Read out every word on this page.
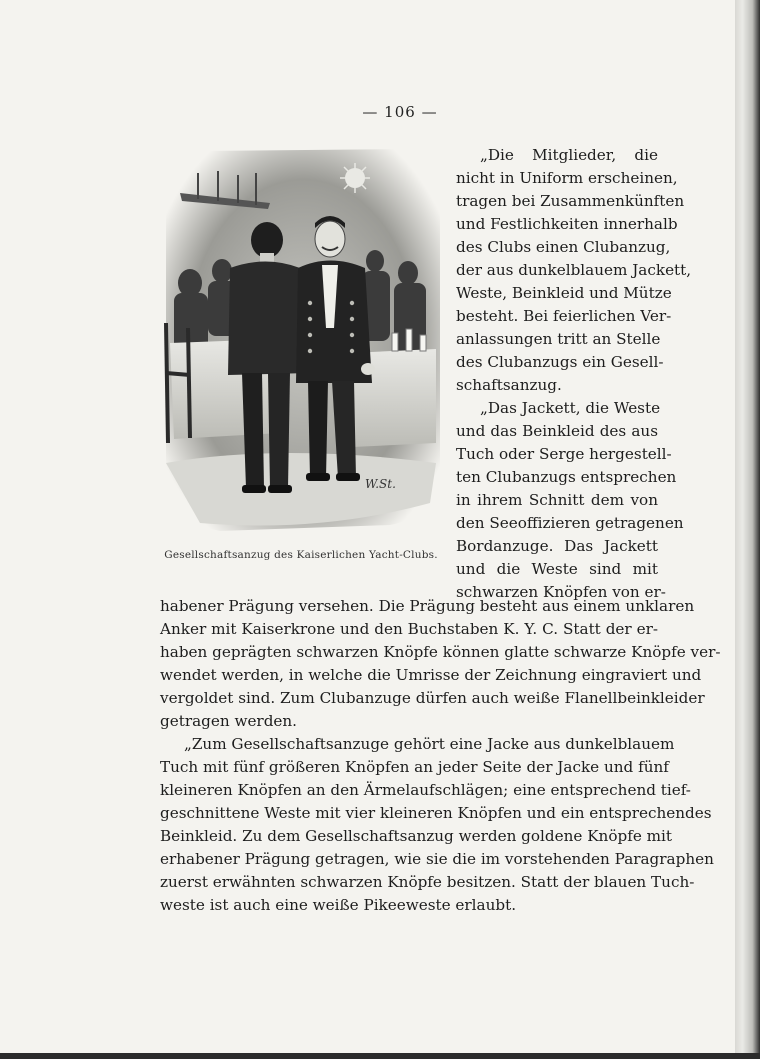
— 106 —
W.St.
Gesellschaftsanzug des Kaiserlichen Yacht-Clubs.
„Die Mitglieder, die
nicht in Uniform erscheinen,
tragen bei Zusammenkünften
und Festlichkeiten innerhalb
des Clubs einen Clubanzug,
der aus dunkelblauem Jackett,
Weste, Beinkleid und Mütze
besteht. Bei feierlichen Ver-
anlassungen tritt an Stelle
des Clubanzugs ein Gesell-
schaftsanzug.
„Das Jackett, die Weste
und das Beinkleid des aus
Tuch oder Serge hergestell-
ten Clubanzugs entsprechen
in ihrem Schnitt dem von
den Seeoffizieren getragenen
Bordanzuge. Das Jackett
und die Weste sind mit
schwarzen Knöpfen von er-
habener Prägung versehen. Die Prägung besteht aus einem unklaren
Anker mit Kaiserkrone und den Buchstaben K. Y. C. Statt der er-
haben geprägten schwarzen Knöpfe können glatte schwarze Knöpfe ver-
wendet werden, in welche die Umrisse der Zeichnung eingraviert und
vergoldet sind. Zum Clubanzuge dürfen auch weiße Flanellbeinkleider
getragen werden.
„Zum Gesellschaftsanzuge gehört eine Jacke aus dunkelblauem
Tuch mit fünf größeren Knöpfen an jeder Seite der Jacke und fünf
kleineren Knöpfen an den Ärmelaufschlägen; eine entsprechend tief-
geschnittene Weste mit vier kleineren Knöpfen und ein entsprechendes
Beinkleid. Zu dem Gesellschaftsanzug werden goldene Knöpfe mit
erhabener Prägung getragen, wie sie die im vorstehenden Paragraphen
zuerst erwähnten schwarzen Knöpfe besitzen. Statt der blauen Tuch-
weste ist auch eine weiße Pikeeweste erlaubt.
